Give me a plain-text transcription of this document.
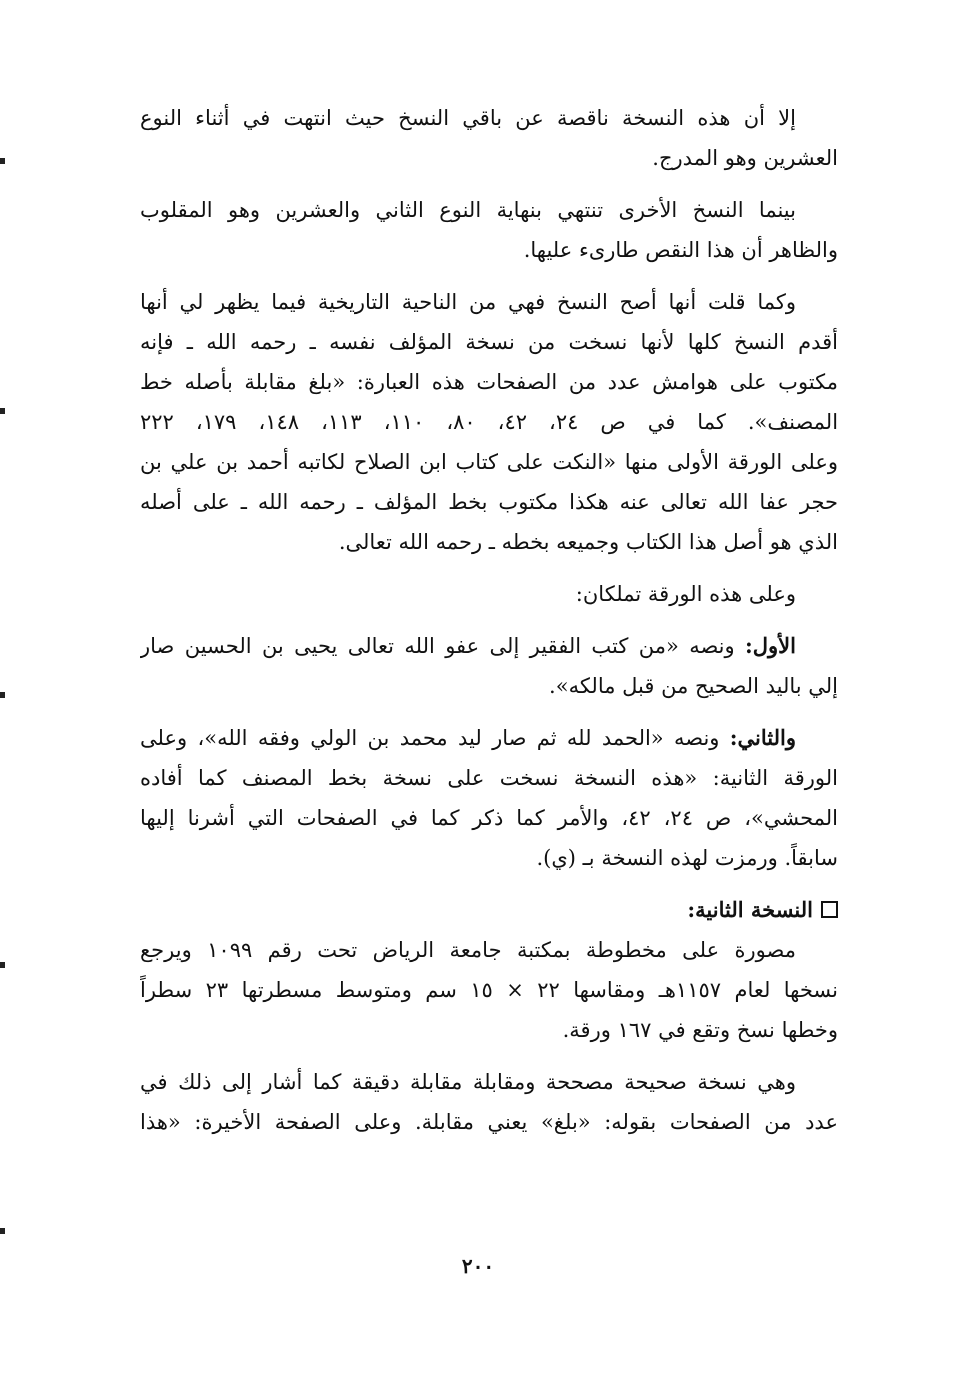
إلا أن هذه النسخة ناقصة عن باقي النسخ حيث انتهت في أثناء النوع
العشرين وهو المدرج.
بينما النسخ الأخرى تنتهي بنهاية النوع الثاني والعشرين وهو المقلوب
والظاهر أن هذا النقص طارىء عليها.
وكما قلت أنها أصح النسخ فهي من الناحية التاريخية فيما يظهر لي أنها
أقدم النسخ كلها لأنها نسخت من نسخة المؤلف نفسه ـ رحمه الله ـ فإنه
مكتوب على هوامش عدد من الصفحات هذه العبارة: «بلغ مقابلة بأصله خط
المصنف». كما في ص ٢٤، ٤٢، ٨٠، ١١٠، ١١٣، ١٤٨، ١٧٩، ٢٢٢
وعلى الورقة الأولى منها «النكت على كتاب ابن الصلاح لكاتبه أحمد بن علي بن
حجر عفا الله تعالى عنه هكذا مكتوب بخط المؤلف ـ رحمه الله ـ على أصله
الذي هو أصل هذا الكتاب وجميعه بخطه ـ رحمه الله تعالى.
وعلى هذه الورقة تملكان:
الأول: ونصه «من كتب الفقير إلى عفو الله تعالى يحيى بن الحسين صار
إلي باليد الصحيح من قبل مالكه».
والثاني: ونصه «الحمد لله ثم صار ليد محمد بن الولي وفقه الله»، وعلى
الورقة الثانية: «هذه النسخة نسخت على نسخة بخط المصنف كما أفاده
المحشي»، ص ٢٤، ٤٢، والأمر كما ذكر كما في الصفحات التي أشرنا إليها
سابقاً. ورمزت لهذه النسخة بـ (ي).
النسخة الثانية:
مصورة على مخطوطة بمكتبة جامعة الرياض تحت رقم ١٠٩٩ ويرجع
نسخها لعام ١١٥٧هـ ومقاسها ٢٢ × ١٥ سم ومتوسط مسطرتها ٢٣ سطراً
وخطها نسخ وتقع في ١٦٧ ورقة.
وهي نسخة صحيحة مصححة ومقابلة مقابلة دقيقة كما أشار إلى ذلك في
عدد من الصفحات بقوله: «بلغ» يعني مقابلة. وعلى الصفحة الأخيرة: «هذا
٢٠٠
